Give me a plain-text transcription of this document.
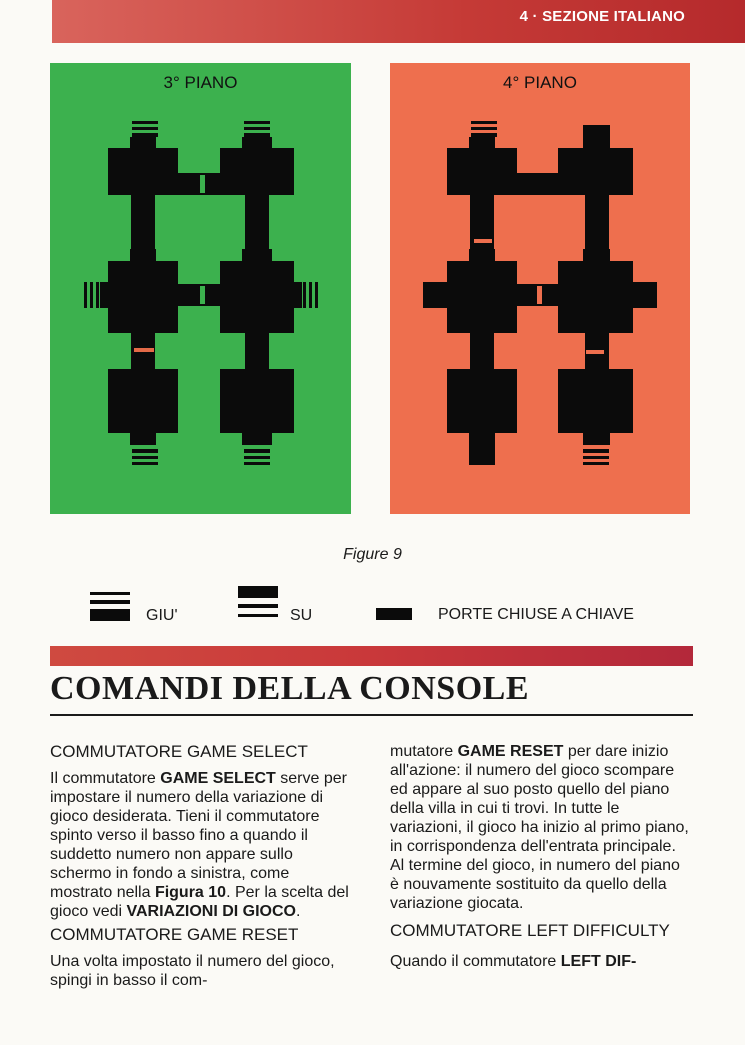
4 · SEZIONE ITALIANO
3° PIANO	4° PIANO
Figure 9
GIU'	SU	PORTE CHIUSE A CHIAVE
COMANDI DELLA CONSOLE

COMMUTATORE GAME SELECT

Il commutatore GAME SELECT serve per impostare il numero della variazione di gioco desiderata. Tieni il commutatore spinto verso il basso fino a quando il suddetto numero non appare sullo schermo in fondo a sinistra, come mostrato nella Figura 10. Per la scelta del gioco vedi VARIAZIONI DI GIOCO.

COMMUTATORE GAME RESET

Una volta impostato il numero del gioco, spingi in basso il com-

mutatore GAME RESET per dare inizio all'azione: il numero del gioco scompare ed appare al suo posto quello del piano della villa in cui ti trovi. In tutte le variazioni, il gioco ha inizio al primo piano, in corrispondenza dell'entrata principale. Al termine del gioco, in numero del piano è nouvamente sostituito da quello della variazione giocata.

COMMUTATORE LEFT DIFFICULTY

Quando il commutatore LEFT DIF-
